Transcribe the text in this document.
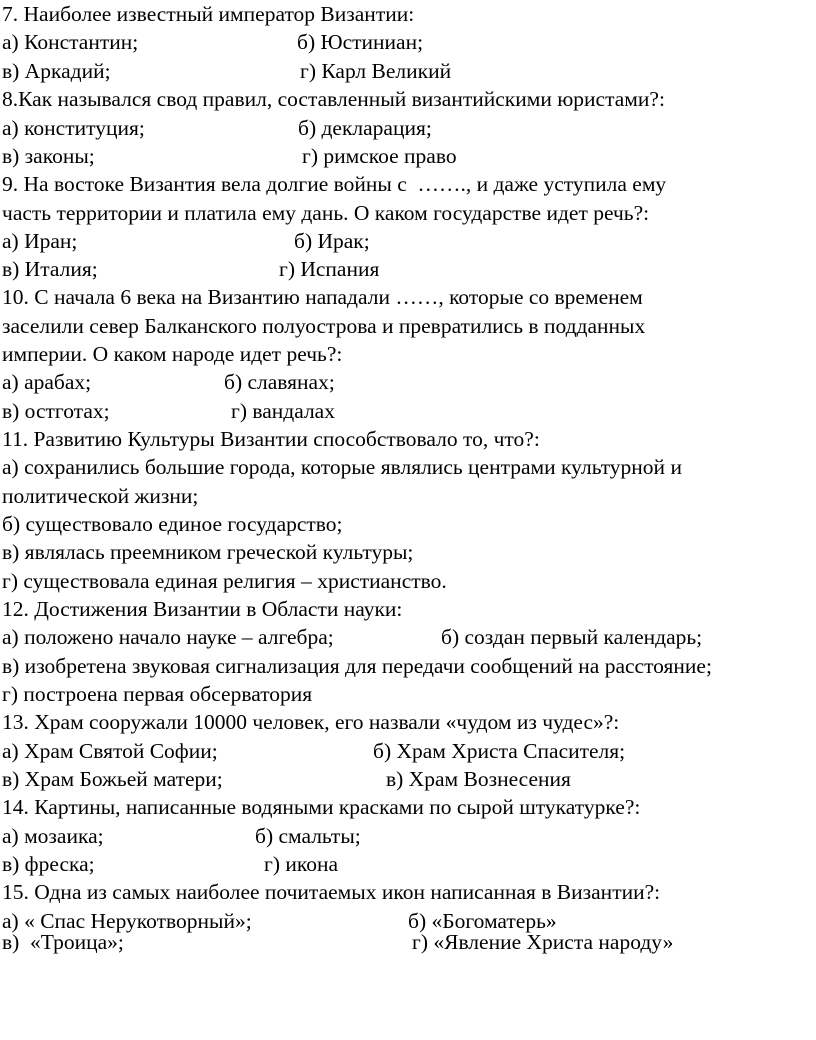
7. Наиболее известный император Византии:

а) Константин;

	б) Юстиниан;

в) Аркадий;

	г) Карл Великий

8.Как назывался свод правил, составленный византийскими юристами?:

а) конституция;

	б) декларация;

в) законы;

	г) римское право

9. На востоке Византия вела долгие войны с  ……., и даже уступила ему
часть территории и платила ему дань. О каком государстве идет речь?:

а) Иран;

	б) Ирак;

в) Италия;

	г) Испания

10. С начала 6 века на Византию нападали ……, которые со временем
заселили север Балканского полуострова и превратились в подданных
империи. О каком народе идет речь?:

а) арабах;

	б) славянах;

в) остготах;

	г) вандалах

11. Развитию Культуры Византии способствовало то, что?:
а) сохранились большие города, которые являлись центрами культурной и
политической жизни;
б) существовало единое государство;
в) являлась преемником греческой культуры;
г) существовала единая религия – христианство.
12. Достижения Византии в Области науки:

а) положено начало науке – алгебра;

	б) создан первый календарь;

в) изобретена звуковая сигнализация для передачи сообщений на расстояние;
г) построена первая обсерватория
13. Храм сооружали 10000 человек, его назвали «чудом из чудес»?:

а) Храм Святой Софии;

	б) Храм Христа Спасителя;

в) Храм Божьей матери;

	в) Храм Вознесения

14. Картины, написанные водяными красками по сырой штукатурке?:

а) мозаика;

	б) смальты;

в) фреска;

	г) икона

15. Одна из самых наиболее почитаемых икон написанная в Византии?:

а) « Спас Нерукотворный»;

	б) «Богоматерь»

в)  «Троица»;

	г) «Явление Христа народу»
